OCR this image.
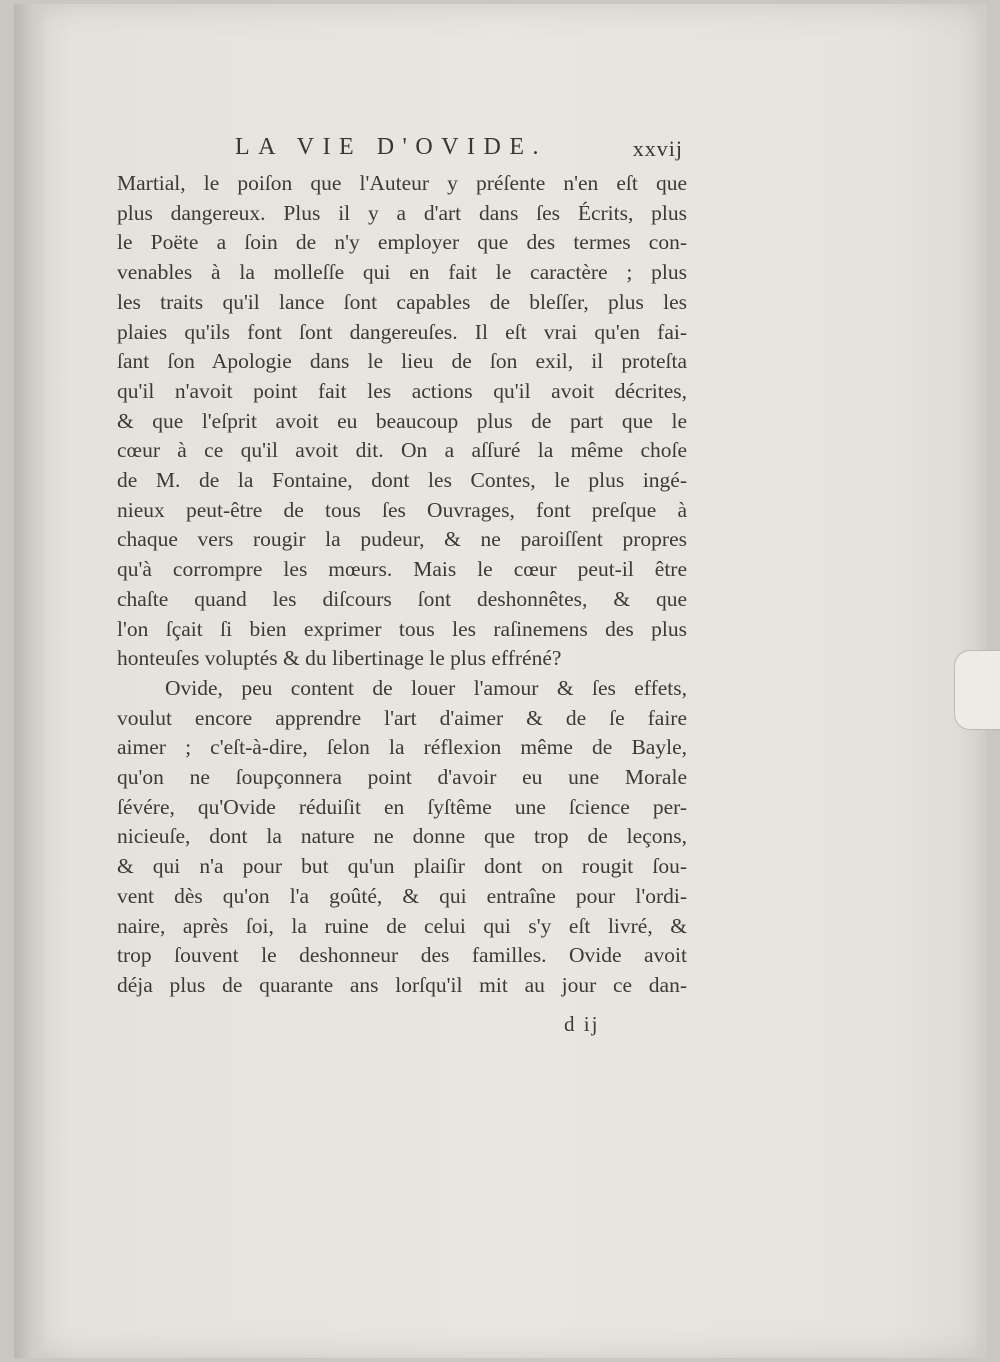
LA VIE D'OVIDE.	xxvij
Martial, le poiſon que l'Auteur y préſente n'en eſt que
plus dangereux. Plus il y a d'art dans ſes Écrits, plus
le Poëte a ſoin de n'y employer que des termes con-
venables à la molleſſe qui en fait le caractère ; plus
les traits qu'il lance ſont capables de bleſſer, plus les
plaies qu'ils font ſont dangereuſes. Il eſt vrai qu'en fai-
ſant ſon Apologie dans le lieu de ſon exil, il proteſta
qu'il n'avoit point fait les actions qu'il avoit décrites,
& que l'eſprit avoit eu beaucoup plus de part que le
cœur à ce qu'il avoit dit. On a aſſuré la même choſe
de M. de la Fontaine, dont les Contes, le plus ingé-
nieux peut-être de tous ſes Ouvrages, font preſque à
chaque vers rougir la pudeur, & ne paroiſſent propres
qu'à corrompre les mœurs. Mais le cœur peut-il être
chaſte quand les diſcours ſont deshonnêtes, & que
l'on ſçait ſi bien exprimer tous les raſinemens des plus
honteuſes voluptés & du libertinage le plus effréné?
Ovide, peu content de louer l'amour & ſes effets,
voulut encore apprendre l'art d'aimer & de ſe faire
aimer ; c'eſt-à-dire, ſelon la réflexion même de Bayle,
qu'on ne ſoupçonnera point d'avoir eu une Morale
ſévére, qu'Ovide réduiſit en ſyſtême une ſcience per-
nicieuſe, dont la nature ne donne que trop de leçons,
& qui n'a pour but qu'un plaiſir dont on rougit ſou-
vent dès qu'on l'a goûté, & qui entraîne pour l'ordi-
naire, après ſoi, la ruine de celui qui s'y eſt livré, &
trop ſouvent le deshonneur des familles. Ovide avoit
déja plus de quarante ans lorſqu'il mit au jour ce dan-
d ij
